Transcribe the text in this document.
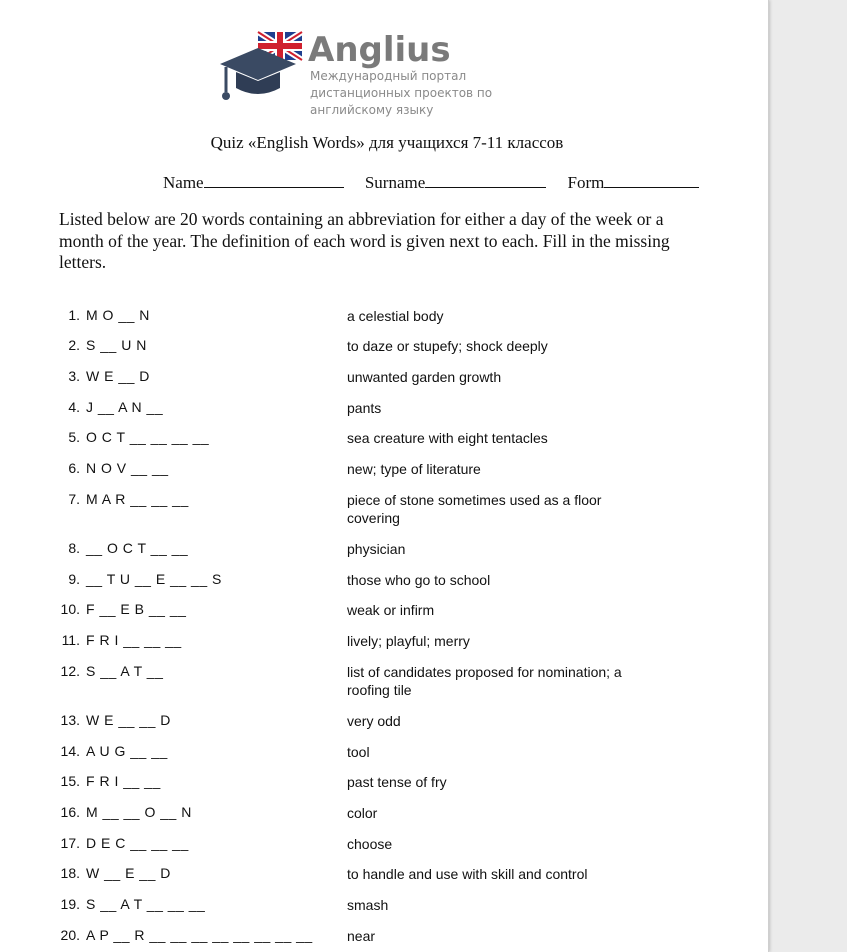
Anglius
Международный портал дистанционных проектов по английскому языку
Quiz «English Words» для учащихся 7-11 классов
Name	Surname	Form
Listed below are 20 words containing an abbreviation for either a day of the week or a month of the year. The definition of each word is given next to each. Fill in the missing letters.
1. M O __ N	a celestial body
2. S __ U N	to daze or stupefy; shock deeply
3. W E __ D	unwanted garden growth
4. J __ A N __	pants
5. O C T __ __ __ __	sea creature with eight tentacles
6. N O V __ __	new; type of literature
7. M A R __ __ __	piece of stone sometimes used as a floor covering
8. __ O C T __ __	physician
9. __ T U __ E __ __ S	those who go to school
10. F __ E B __ __	weak or infirm
11. F R I __ __ __	lively; playful; merry
12. S __ A T __	list of candidates proposed for nomination; a roofing tile
13. W E __ __ D	very odd
14. A U G __ __	tool
15. F R I __ __	past tense of fry
16. M __ __ O __ N	color
17. D E C __ __ __	choose
18. W __ E __ D	to handle and use with skill and control
19. S __ A T __ __ __	smash
20. A P __ R __ __ __ __ __ __ __ __ near
